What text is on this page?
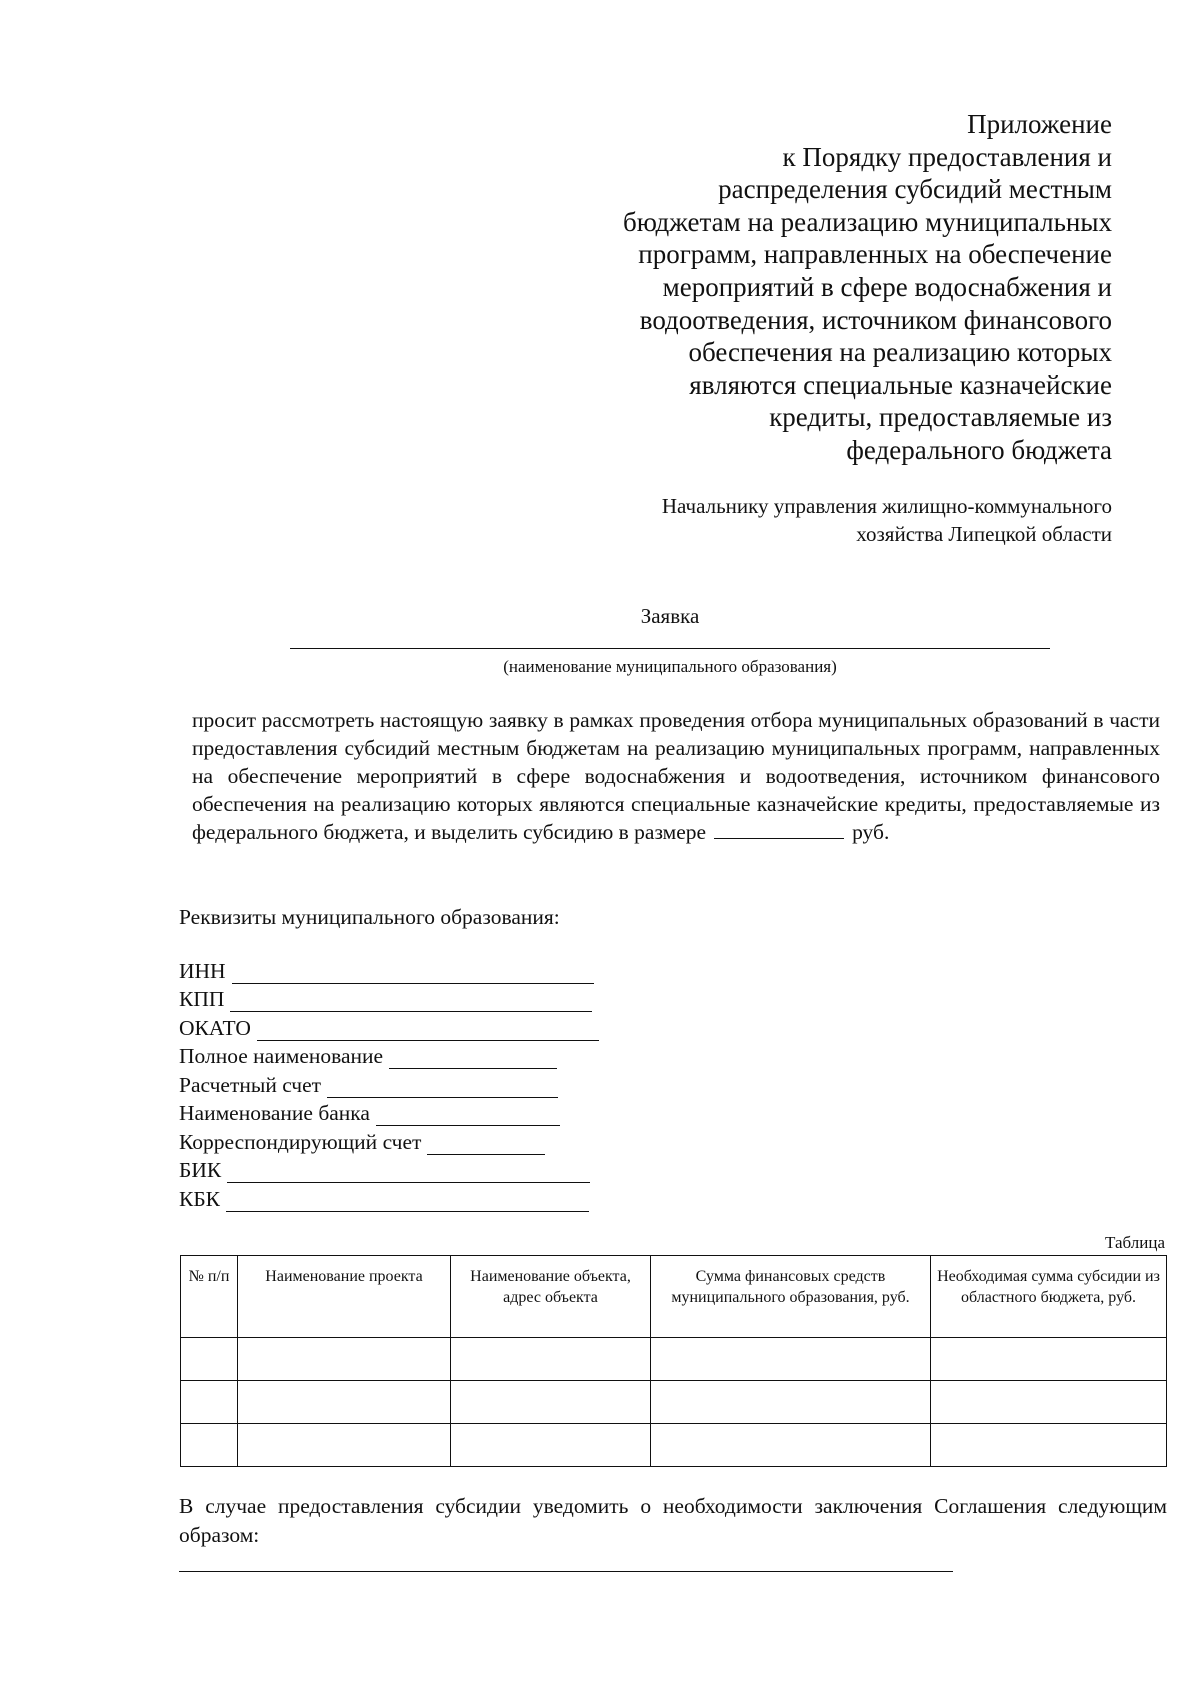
Приложение
к Порядку предоставления и
распределения субсидий местным
бюджетам на реализацию муниципальных
программ, направленных на обеспечение
мероприятий в сфере водоснабжения и
водоотведения, источником финансового
обеспечения на реализацию которых
являются специальные казначейские
кредиты, предоставляемые из
федерального бюджета
Начальнику управления жилищно-коммунального
хозяйства Липецкой области
Заявка
(наименование муниципального образования)
просит рассмотреть настоящую заявку в рамках проведения отбора муниципальных образований в части предоставления субсидий местным бюджетам на реализацию муниципальных программ, направленных на обеспечение мероприятий в сфере водоснабжения и водоотведения, источником финансового обеспечения на реализацию которых являются специальные казначейские кредиты, предоставляемые из федерального бюджета, и выделить субсидию в размере	руб.
Реквизиты муниципального образования:
ИНН
КПП
ОКАТО
Полное наименование
Расчетный счет
Наименование банка
Корреспондирующий счет
БИК
КБК
Таблица
№ п/п	Наименование проекта	Наименование объекта, адрес объекта	Сумма финансовых средств муниципального образования, руб.	Необходимая сумма субсидии из областного бюджета, руб.

В случае предоставления субсидии уведомить о необходимости заключения Соглашения следующим образом:
